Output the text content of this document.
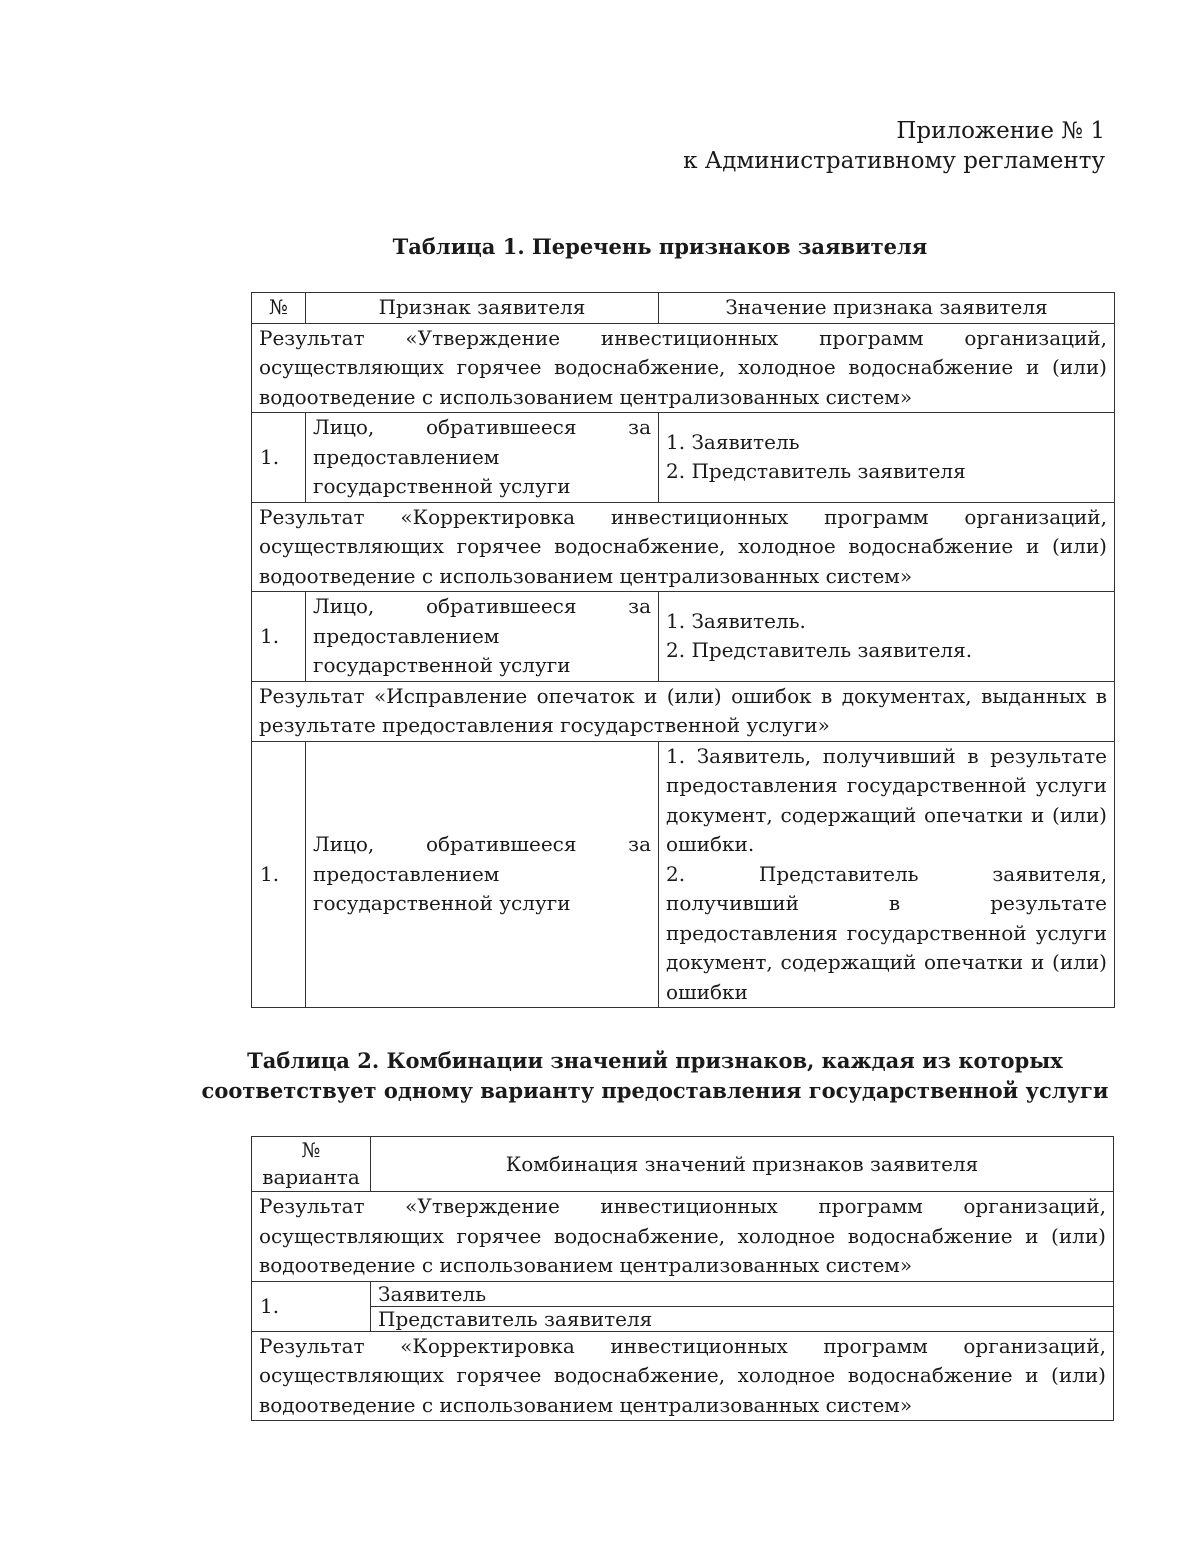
Приложение № 1
к Административному регламенту
Таблица 1. Перечень признаков заявителя
№	Признак заявителя	Значение признака заявителя
Результат «Утверждение инвестиционных программ организаций, осуществляющих горячее водоснабжение, холодное водоснабжение и (или) водоотведение с использованием централизованных систем»		
1.	Лицо, обратившееся за предоставлением государственной услуги	1. Заявитель
2. Представитель заявителя

Результат «Корректировка инвестиционных программ организаций, осуществляющих горячее водоснабжение, холодное водоснабжение и (или) водоотведение с использованием централизованных систем»		
1.	Лицо, обратившееся за предоставлением государственной услуги	1. Заявитель.
2. Представитель заявителя.

Результат «Исправление опечаток и (или) ошибок в документах, выданных в результате предоставления государственной услуги»		
1.	Лицо, обратившееся за предоставлением государственной услуги	1. Заявитель, получивший в результате предоставления государственной услуги документ, содержащий опечатки и (или) ошибки.
2. Представитель заявителя, получивший в результате предоставления государственной услуги документ, содержащий опечатки и (или) ошибки
Таблица 2. Комбинации значений признаков, каждая из которых
соответствует одному варианту предоставления государственной услуги
№
варианта	Комбинация значений признаков заявителя
Результат «Утверждение инвестиционных программ организаций, осуществляющих горячее водоснабжение, холодное водоснабжение и (или) водоотведение с использованием централизованных систем»	
1.	Заявитель
	Представитель заявителя
Результат «Корректировка инвестиционных программ организаций, осуществляющих горячее водоснабжение, холодное водоснабжение и (или) водоотведение с использованием централизованных систем»	
